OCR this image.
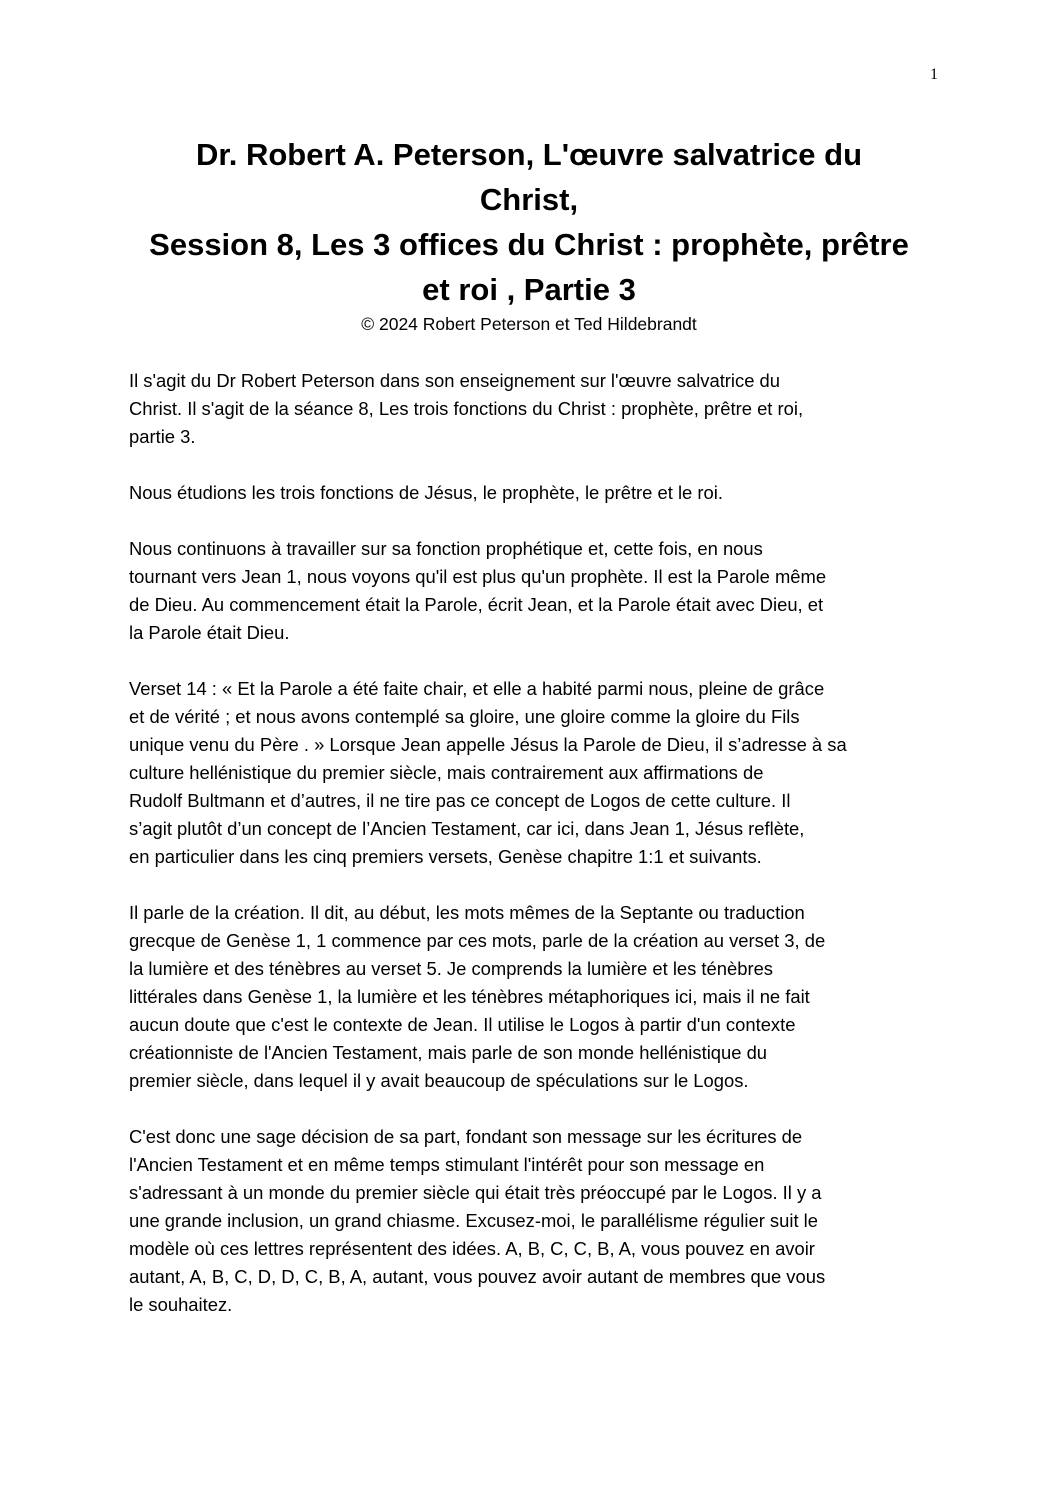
1

Dr. Robert A. Peterson, L'œuvre salvatrice du

Christ,

Session 8, Les 3 offices du Christ : prophète, prêtre

et roi , Partie 3

© 2024 Robert Peterson et Ted Hildebrandt

Il s'agit du Dr Robert Peterson dans son enseignement sur l'œuvre salvatrice du
Christ. Il s'agit de la séance 8, Les trois fonctions du Christ : prophète, prêtre et roi,
partie 3.

Nous étudions les trois fonctions de Jésus, le prophète, le prêtre et le roi.

Nous continuons à travailler sur sa fonction prophétique et, cette fois, en nous
tournant vers Jean 1, nous voyons qu'il est plus qu'un prophète. Il est la Parole même
de Dieu. Au commencement était la Parole, écrit Jean, et la Parole était avec Dieu, et
la Parole était Dieu.

Verset 14 : « Et la Parole a été faite chair, et elle a habité parmi nous, pleine de grâce
et de vérité ; et nous avons contemplé sa gloire, une gloire comme la gloire du Fils
unique venu du Père . » Lorsque Jean appelle Jésus la Parole de Dieu, il s’adresse à sa
culture hellénistique du premier siècle, mais contrairement aux affirmations de
Rudolf Bultmann et d’autres, il ne tire pas ce concept de Logos de cette culture. Il
s’agit plutôt d’un concept de l’Ancien Testament, car ici, dans Jean 1, Jésus reflète,
en particulier dans les cinq premiers versets, Genèse chapitre 1:1 et suivants.

Il parle de la création. Il dit, au début, les mots mêmes de la Septante ou traduction
grecque de Genèse 1, 1 commence par ces mots, parle de la création au verset 3, de
la lumière et des ténèbres au verset 5. Je comprends la lumière et les ténèbres
littérales dans Genèse 1, la lumière et les ténèbres métaphoriques ici, mais il ne fait
aucun doute que c'est le contexte de Jean. Il utilise le Logos à partir d'un contexte
créationniste de l'Ancien Testament, mais parle de son monde hellénistique du
premier siècle, dans lequel il y avait beaucoup de spéculations sur le Logos.

C'est donc une sage décision de sa part, fondant son message sur les écritures de
l'Ancien Testament et en même temps stimulant l'intérêt pour son message en
s'adressant à un monde du premier siècle qui était très préoccupé par le Logos. Il y a
une grande inclusion, un grand chiasme. Excusez-moi, le parallélisme régulier suit le
modèle où ces lettres représentent des idées. A, B, C, C, B, A, vous pouvez en avoir
autant, A, B, C, D, D, C, B, A, autant, vous pouvez avoir autant de membres que vous
le souhaitez.
